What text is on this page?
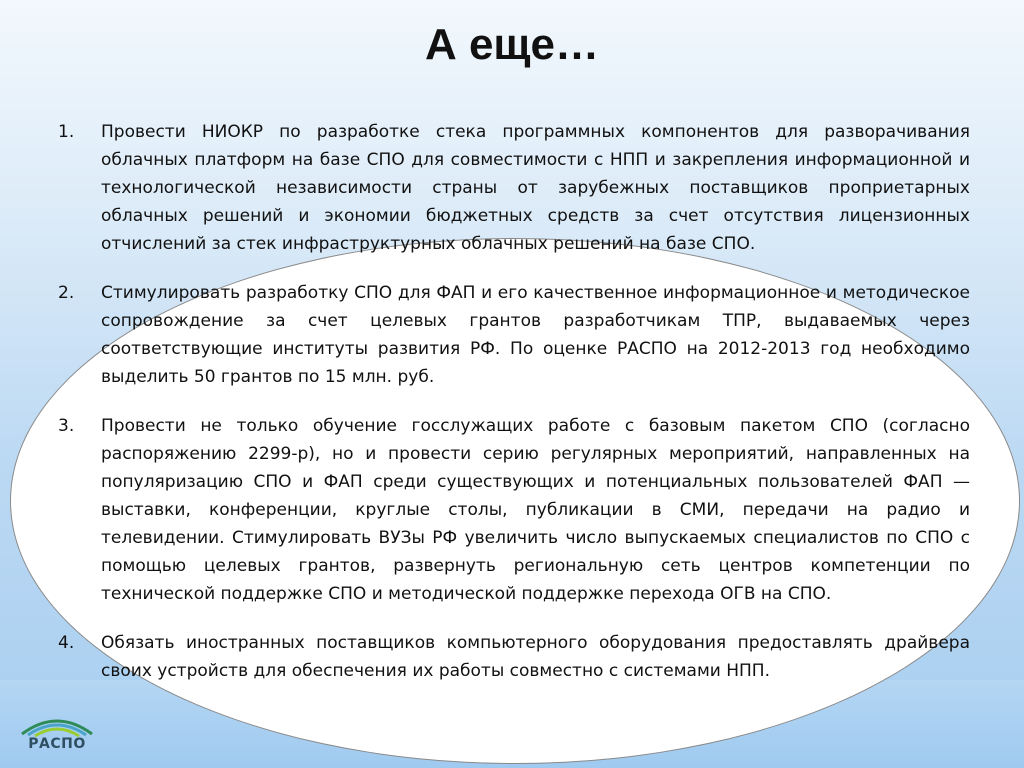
А еще…
1.	Провести НИОКР по разработке стека программных компонентов для разворачивания облачных платформ на базе СПО для совместимости с НПП и закрепления информационной и технологической независимости страны от зарубежных поставщиков проприетарных облачных решений и экономии бюджетных средств за счет отсутствия лицензионных отчислений за стек инфраструктурных облачных решений на базе СПО.
2.	Стимулировать разработку СПО для ФАП и его качественное информационное и методическое сопровождение за счет целевых грантов разработчикам ТПР, выдаваемых через соответствующие институты развития РФ. По оценке РАСПО на 2012-2013 год необходимо выделить 50 грантов по 15 млн. руб.
3.	Провести не только обучение госслужащих работе с базовым пакетом СПО (согласно распоряжению 2299-р), но и провести серию регулярных мероприятий, направленных на популяризацию СПО и ФАП среди существующих и потенциальных пользователей ФАП — выставки, конференции, круглые столы, публикации в СМИ, передачи на радио и телевидении. Стимулировать ВУЗы РФ увеличить число выпускаемых специалистов по СПО с помощью целевых грантов, развернуть региональную сеть центров компетенции по технической поддержке СПО и методической поддержке перехода ОГВ на СПО.
4.	Обязать иностранных поставщиков компьютерного оборудования предоставлять драйвера своих устройств для обеспечения их работы совместно с системами НПП.
РАСПО
